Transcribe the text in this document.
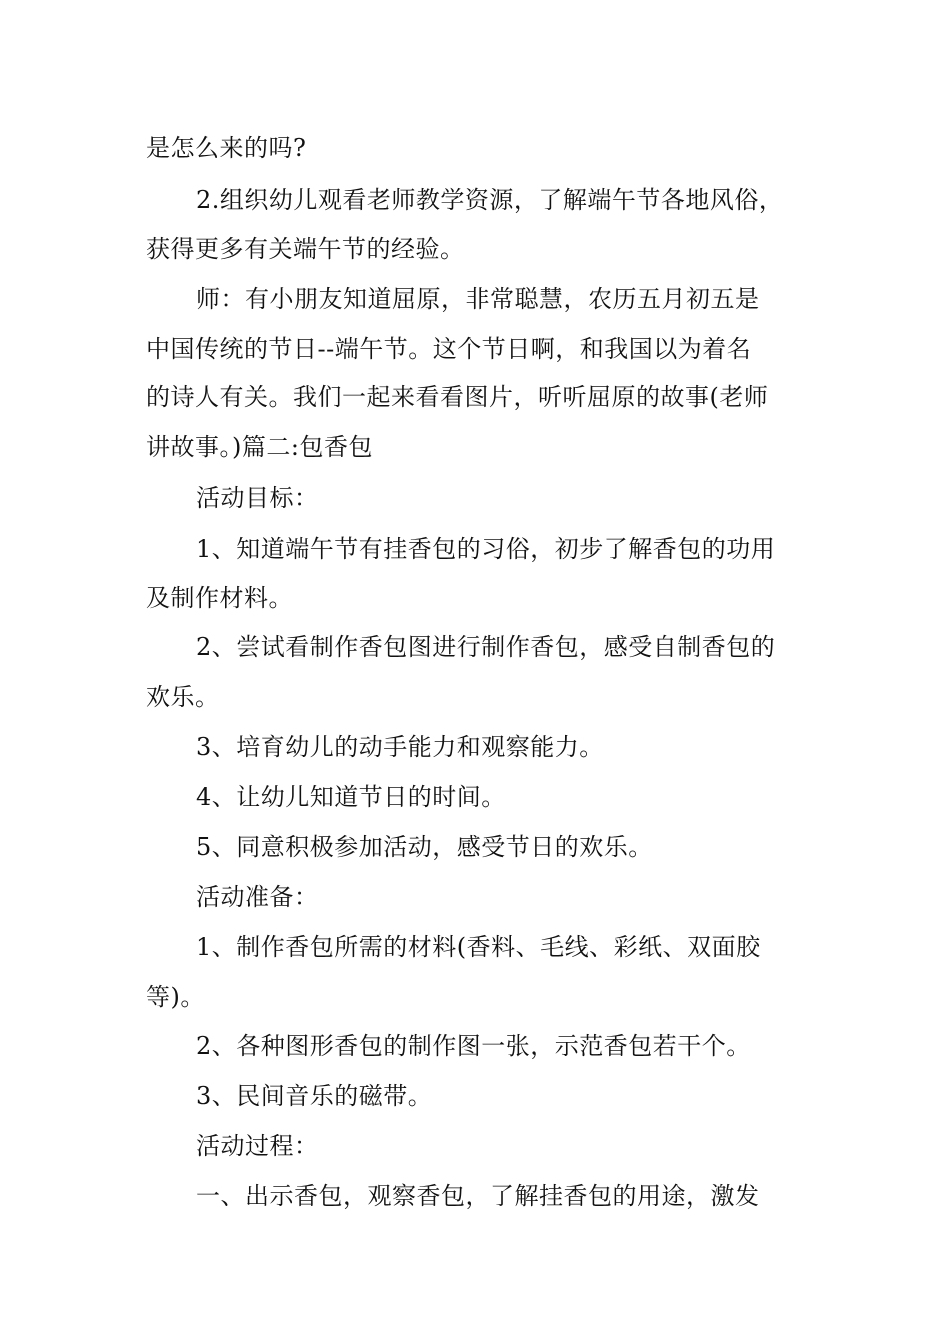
是怎么来的吗?
2.组织幼儿观看老师教学资源，了解端午节各地风俗，
获得更多有关端午节的经验。
师：有小朋友知道屈原，非常聪慧，农历五月初五是
中国传统的节日--端午节。这个节日啊，和我国以为着名
的诗人有关。我们一起来看看图片，听听屈原的故事(老师
讲故事。)篇二:包香包
活动目标：
1、知道端午节有挂香包的习俗，初步了解香包的功用
及制作材料。
2、尝试看制作香包图进行制作香包，感受自制香包的
欢乐。
3、培育幼儿的动手能力和观察能力。
4、让幼儿知道节日的时间。
5、同意积极参加活动，感受节日的欢乐。
活动准备：
1、制作香包所需的材料(香料、毛线、彩纸、双面胶
等)。
2、各种图形香包的制作图一张，示范香包若干个。
3、民间音乐的磁带。
活动过程：
一、出示香包，观察香包，了解挂香包的用途，激发
